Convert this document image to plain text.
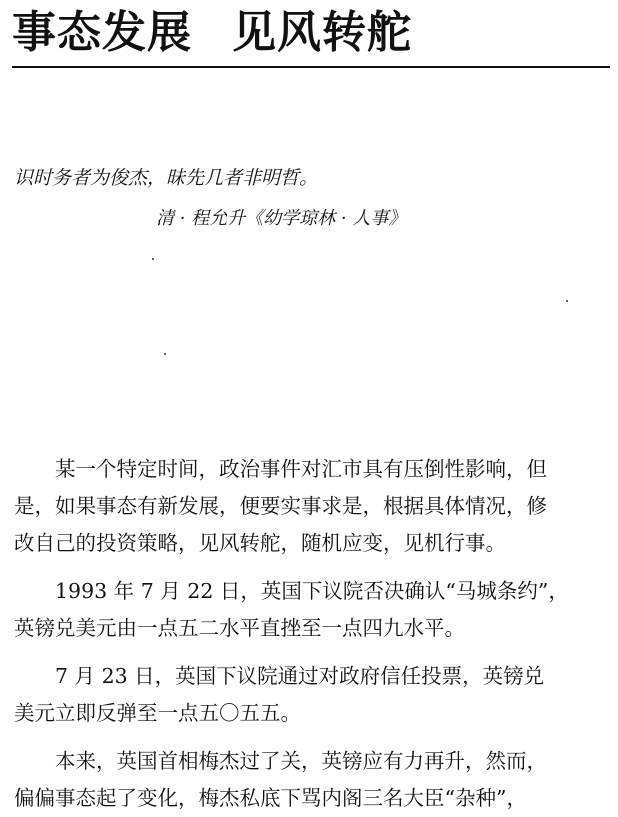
事态发展 见风转舵
识时务者为俊杰，昧先几者非明哲。
清 · 程允升《幼学琼林 · 人事》

某一个特定时间，政治事件对汇市具有压倒性影响，但
是，如果事态有新发展，便要实事求是，根据具体情况，修
改自己的投资策略，见风转舵，随机应变，见机行事。

1993 年 7 月 22 日，英国下议院否决确认“马城条约”，
英镑兑美元由一点五二水平直挫至一点四九水平。

7 月 23 日，英国下议院通过对政府信任投票，英镑兑
美元立即反弹至一点五〇五五。

本来，英国首相梅杰过了关，英镑应有力再升，然而，
偏偏事态起了变化，梅杰私底下骂内阁三名大臣“杂种”，
